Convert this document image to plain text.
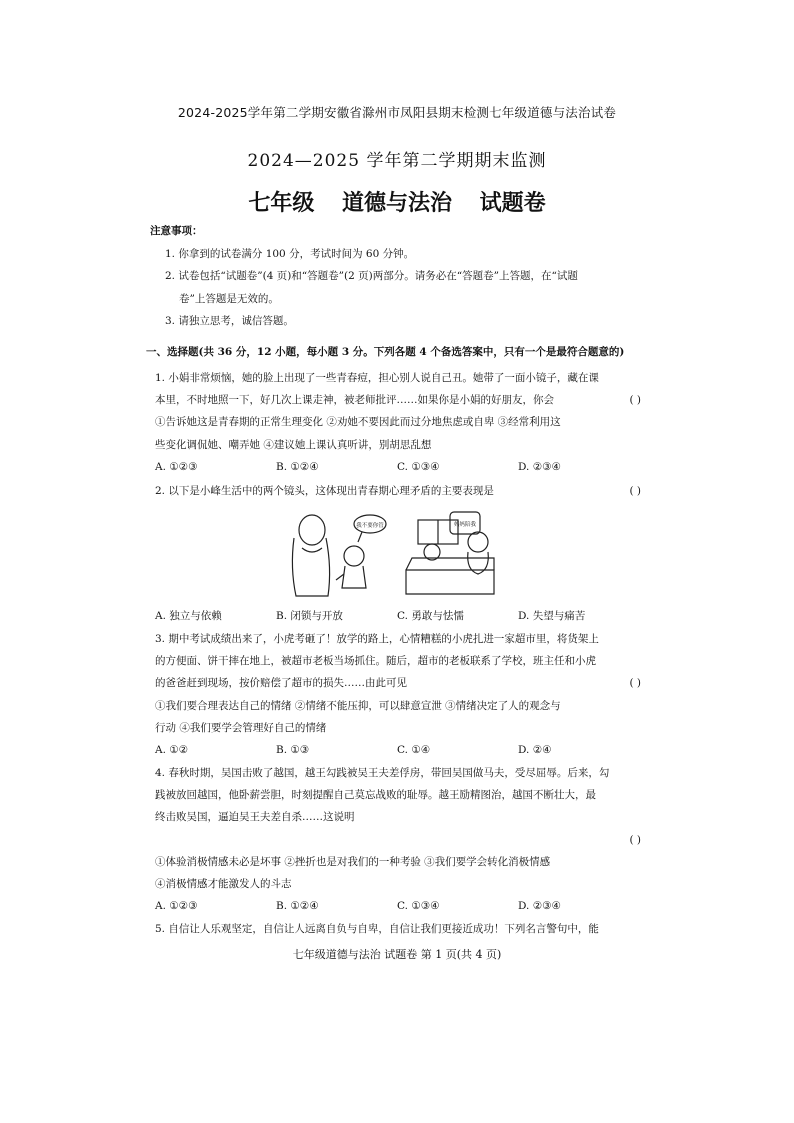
2024-2025学年第二学期安徽省滁州市凤阳县期末检测七年级道德与法治试卷
2024—2025 学年第二学期期末监测
七年级 道德与法治 试题卷
注意事项：
1. 你拿到的试卷满分 100 分，考试时间为 60 分钟。
2. 试卷包括“试题卷”(4 页)和“答题卷”(2 页)两部分。请务必在“答题卷”上答题，在“试题
卷”上答题是无效的。
3. 请独立思考，诚信答题。
一、选择题(共 36 分，12 小题，每小题 3 分。下列各题 4 个备选答案中，只有一个是最符合题意的)
1. 小娟非常烦恼，她的脸上出现了一些青春痘，担心别人说自己丑。她带了一面小镜子，藏在课
本里，不时地照一下，好几次上课走神，被老师批评……如果你是小娟的好朋友，你会	( )
①告诉她这是青春期的正常生理变化 ②劝她不要因此而过分地焦虑或自卑 ③经常利用这
些变化调侃她、嘲弄她 ④建议她上课认真听讲，别胡思乱想
A. ①②③	B. ①②④	C. ①③④	D. ②③④
2. 以下是小峰生活中的两个镜头，这体现出青春期心理矛盾的主要表现是	( )
我不要你管	妈妈陪我
A. 独立与依赖	B. 闭锁与开放	C. 勇敢与怯懦	D. 失望与痛苦
3. 期中考试成绩出来了，小虎考砸了！放学的路上，心情糟糕的小虎扎进一家超市里，将货架上
的方便面、饼干摔在地上，被超市老板当场抓住。随后，超市的老板联系了学校，班主任和小虎
的爸爸赶到现场，按价赔偿了超市的损失……由此可见	( )
①我们要合理表达自己的情绪 ②情绪不能压抑，可以肆意宣泄 ③情绪决定了人的观念与
行动 ④我们要学会管理好自己的情绪
A. ①②	B. ①③	C. ①④	D. ②④
4. 春秋时期，吴国击败了越国，越王勾践被吴王夫差俘房，带回吴国做马夫，受尽屈辱。后来，勾
践被放回越国，他卧薪尝胆，时刻提醒自己莫忘战败的耻辱。越王励精图治，越国不断壮大，最
终击败吴国，逼迫吴王夫差自杀……这说明
( )
①体验消极情感未必是坏事 ②挫折也是对我们的一种考验 ③我们要学会转化消极情感
④消极情感才能激发人的斗志
A. ①②③	B. ①②④	C. ①③④	D. ②③④
5. 自信让人乐观坚定，自信让人远离自负与自卑，自信让我们更接近成功！下列名言警句中，能
七年级道德与法治 试题卷 第 1 页(共 4 页)
